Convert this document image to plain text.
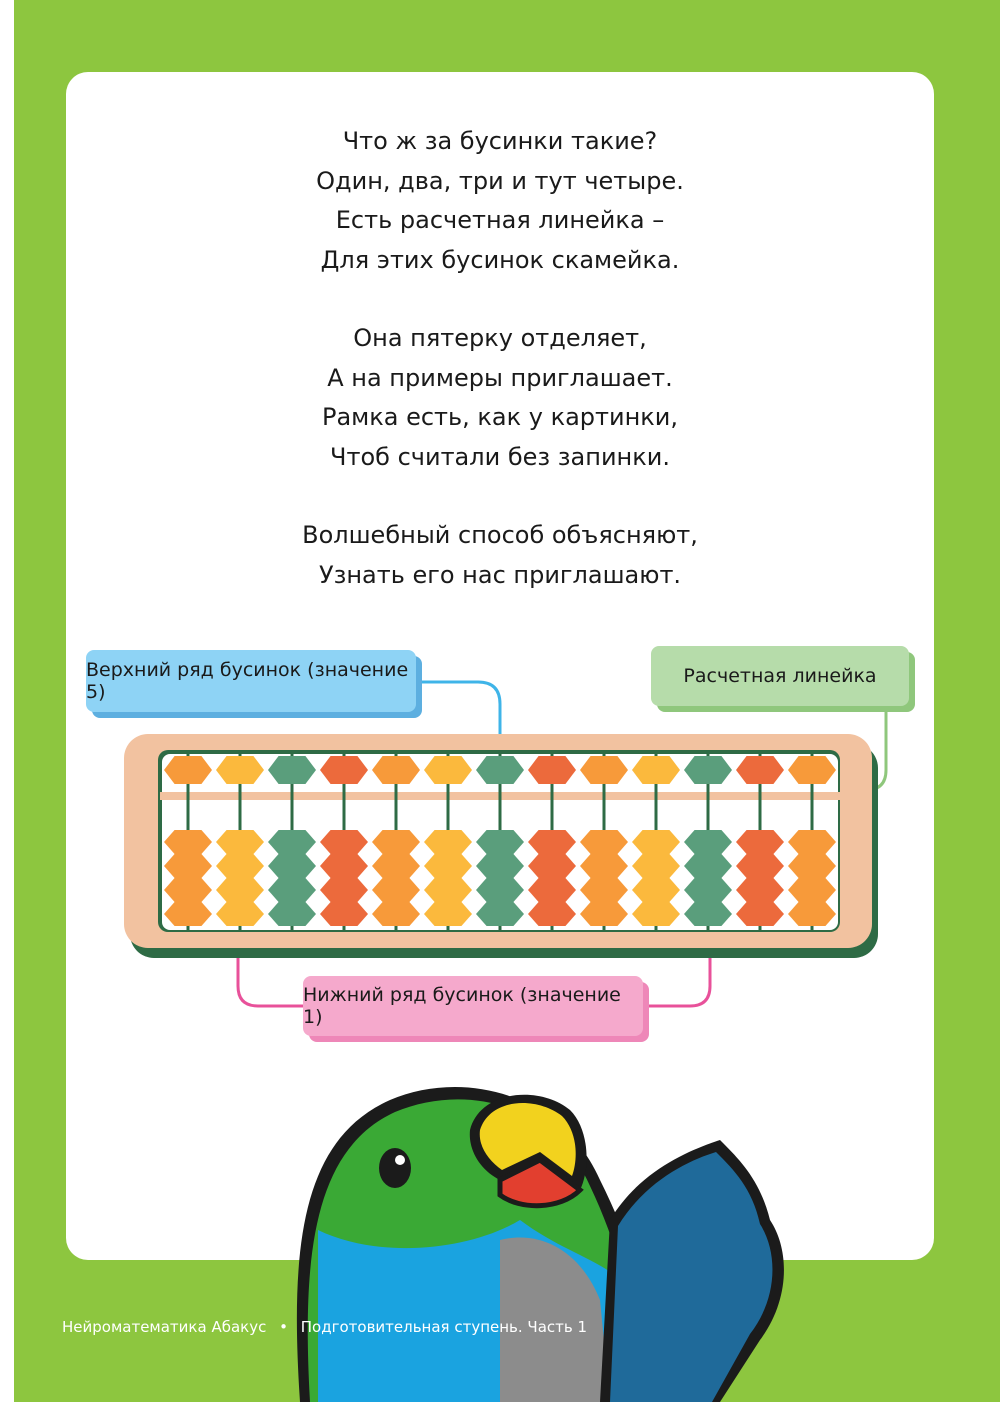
Что ж за бусинки такие?
Один, два, три и тут четыре.
Есть расчетная линейка –
Для этих бусинок скамейка.
Она пятерку отделяет,
А на примеры приглашает.
Рамка есть, как у картинки,
Чтоб считали без запинки.
Волшебный способ объясняют,
Узнать его нас приглашают.
Верхний ряд бусинок (значение 5)
Расчетная линейка
Нижний ряд бусинок (значение 1)
Нейроматематика Абакус • Подготовительная ступень. Часть 1
